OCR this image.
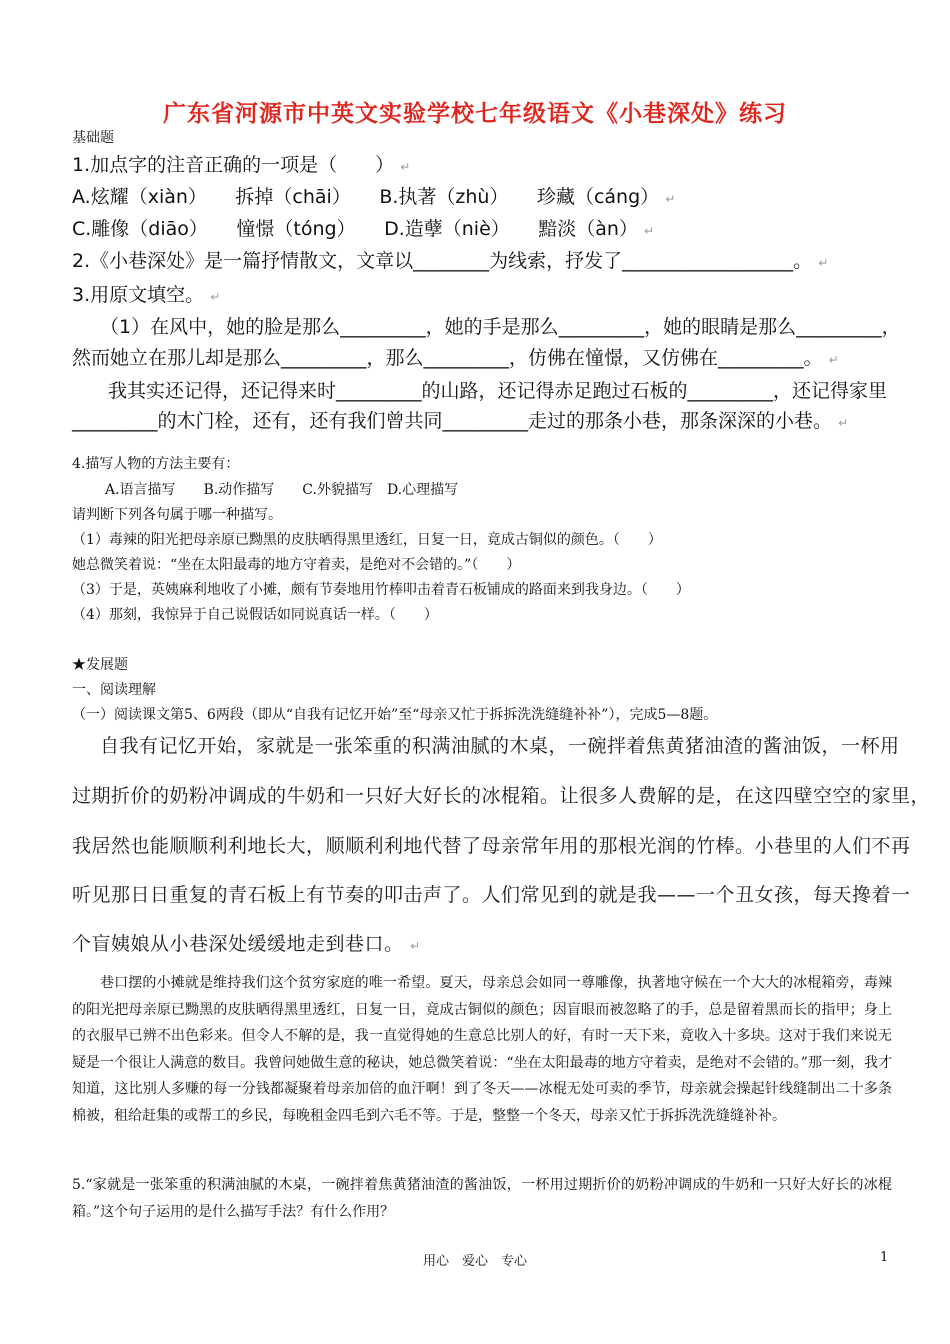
广东省河源市中英文实验学校七年级语文《小巷深处》练习
基础题
1.加点字的注音正确的一项是（　　） ↵
A.炫耀（xiàn）　　拆掉（chāi）　　B.执著（zhù）　　珍藏（cáng） ↵
C.雕像（diāo）　　憧憬（tóng）　　D.造孽（niè）　　黯淡（àn） ↵
2.《小巷深处》是一篇抒情散文，文章以________为线索，抒发了__________________。 ↵
3.用原文填空。 ↵
（1）在风中，她的脸是那么_________，她的手是那么_________，她的眼睛是那么_________，
然而她立在那儿却是那么_________，那么_________，仿佛在憧憬，又仿佛在_________。 ↵
我其实还记得，还记得来时_________的山路，还记得赤足跑过石板的_________，还记得家里
_________的木门栓，还有，还有我们曾共同_________走过的那条小巷，那条深深的小巷。 ↵
4.描写人物的方法主要有：
A.语言描写　　B.动作描写　　C.外貌描写　D.心理描写
请判断下列各句属于哪一种描写。
（1）毒辣的阳光把母亲原已黝黑的皮肤晒得黑里透红，日复一日，竟成古铜似的颜色。（　　）
她总微笑着说：“坐在太阳最毒的地方守着卖，是绝对不会错的。”（　　）
（3）于是，英姨麻利地收了小摊，颇有节奏地用竹棒叩击着青石板铺成的路面来到我身边。（　　）
（4）那刻，我惊异于自己说假话如同说真话一样。（　　）
★发展题
一、阅读理解
（一）阅读课文第5、6两段（即从“自我有记忆开始”至“母亲又忙于拆拆洗洗缝缝补补”），完成5—8题。
自我有记忆开始，家就是一张笨重的积满油腻的木桌，一碗拌着焦黄猪油渣的酱油饭，一杯用
过期折价的奶粉冲调成的牛奶和一只好大好长的冰棍箱。让很多人费解的是，在这四壁空空的家里，
我居然也能顺顺利利地长大，顺顺利利地代替了母亲常年用的那根光润的竹棒。小巷里的人们不再
听见那日日重复的青石板上有节奏的叩击声了。人们常见到的就是我——一个丑女孩，每天搀着一
个盲姨娘从小巷深处缓缓地走到巷口。 ↵
巷口摆的小摊就是维持我们这个贫穷家庭的唯一希望。夏天，母亲总会如同一尊雕像，执著地守候在一个大大的冰棍箱旁，毒辣的阳光把母亲原已黝黑的皮肤晒得黑里透红，日复一日，竟成古铜似的颜色；因盲眼而被忽略了的手，总是留着黑而长的指甲；身上的衣服早已辨不出色彩来。但令人不解的是，我一直觉得她的生意总比别人的好，有时一天下来，竟收入十多块。这对于我们来说无疑是一个很让人满意的数目。我曾问她做生意的秘诀，她总微笑着说：“坐在太阳最毒的地方守着卖，是绝对不会错的。”那一刻，我才知道，这比别人多赚的每一分钱都凝聚着母亲加倍的血汗啊！到了冬天——冰棍无处可卖的季节，母亲就会操起针线缝制出二十多条棉被，租给赶集的或帮工的乡民，每晚租金四毛到六毛不等。于是，整整一个冬天，母亲又忙于拆拆洗洗缝缝补补。
5.“家就是一张笨重的积满油腻的木桌，一碗拌着焦黄猪油渣的酱油饭，一杯用过期折价的奶粉冲调成的牛奶和一只好大好长的冰棍箱。”这个句子运用的是什么描写手法？有什么作用？
用心　爱心　专心	1
